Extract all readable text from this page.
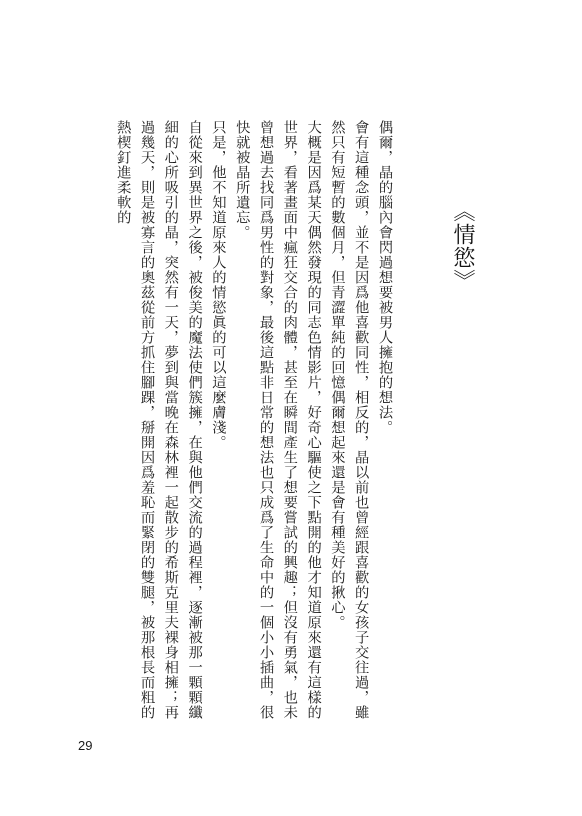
《情慾》

偶爾，晶的腦內會閃過想要被男人擁抱的想法。

會有這種念頭，並不是因爲他喜歡同性，相反的，晶以前也曾經跟喜歡的女孩子交往過，雖然只有短暫的數個月，但青澀單純的回憶偶爾想起來還是會有種美好的揪心。

大概是因爲某天偶然發現的同志色情影片，好奇心驅使之下點開的他才知道原來還有這樣的世界，看著畫面中瘋狂交合的肉體，甚至在瞬間產生了想要嘗試的興趣；但沒有勇氣，也未曾想過去找同爲男性的對象，最後這點非日常的想法也只成爲了生命中的一個小小插曲，很快就被晶所遺忘。

只是，他不知道原來人的情慾眞的可以這麼膚淺。

自從來到異世界之後，被俊美的魔法使們簇擁，在與他們交流的過程裡，逐漸被那一顆顆纖細的心所吸引的晶，突然有一天，夢到與當晚在森林裡一起散步的希斯克里夫裸身相擁；再過幾天，則是被寡言的奧茲從前方抓住腳踝，掰開因爲羞恥而緊閉的雙腿，被那根長而粗的熱楔釘進柔軟的

29
